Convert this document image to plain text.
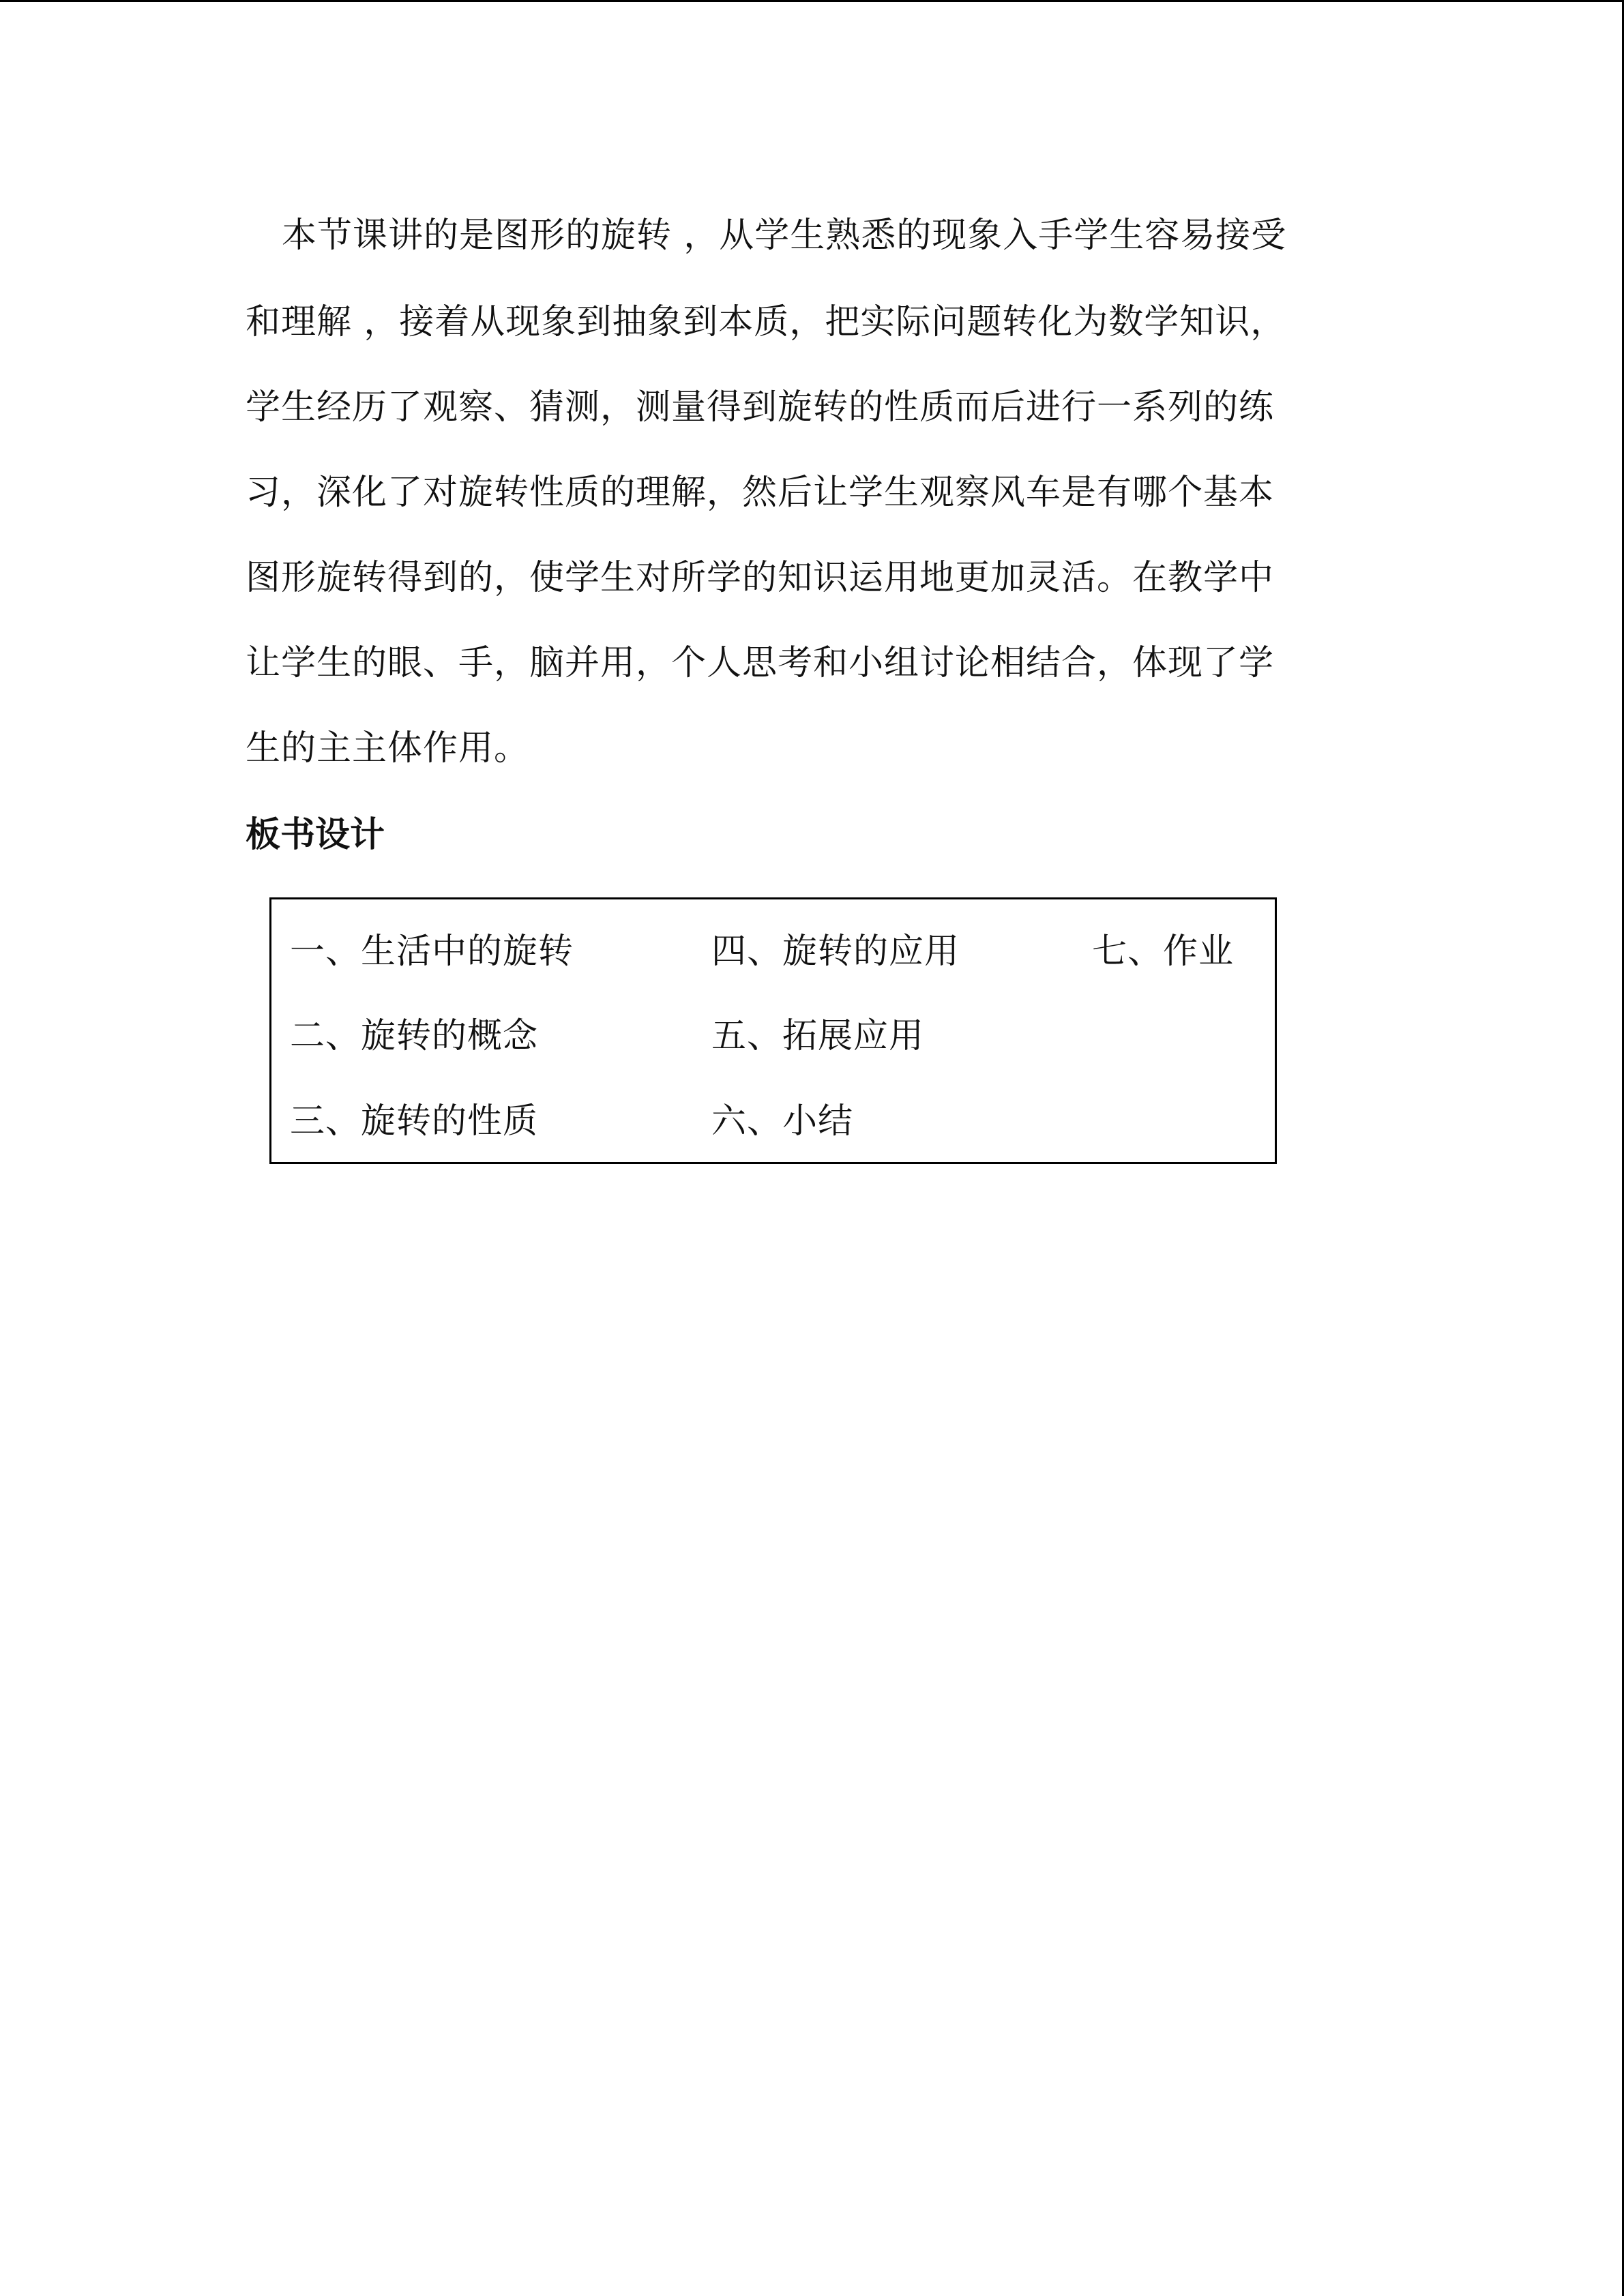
本节课讲的是图形的旋转 ，从学生熟悉的现象入手学生容易接受
和理解 ，接着从现象到抽象到本质，把实际问题转化为数学知识，
学生经历了观察、猜测，测量得到旋转的性质而后进行一系列的练
习，深化了对旋转性质的理解，然后让学生观察风车是有哪个基本
图形旋转得到的，使学生对所学的知识运用地更加灵活。在教学中
让学生的眼、手，脑并用，个人思考和小组讨论相结合，体现了学
生的主主体作用。
板书设计
一、生活中的旋转	四、旋转的应用	七、作业
二、旋转的概念	五、拓展应用
三、旋转的性质	六、小结
